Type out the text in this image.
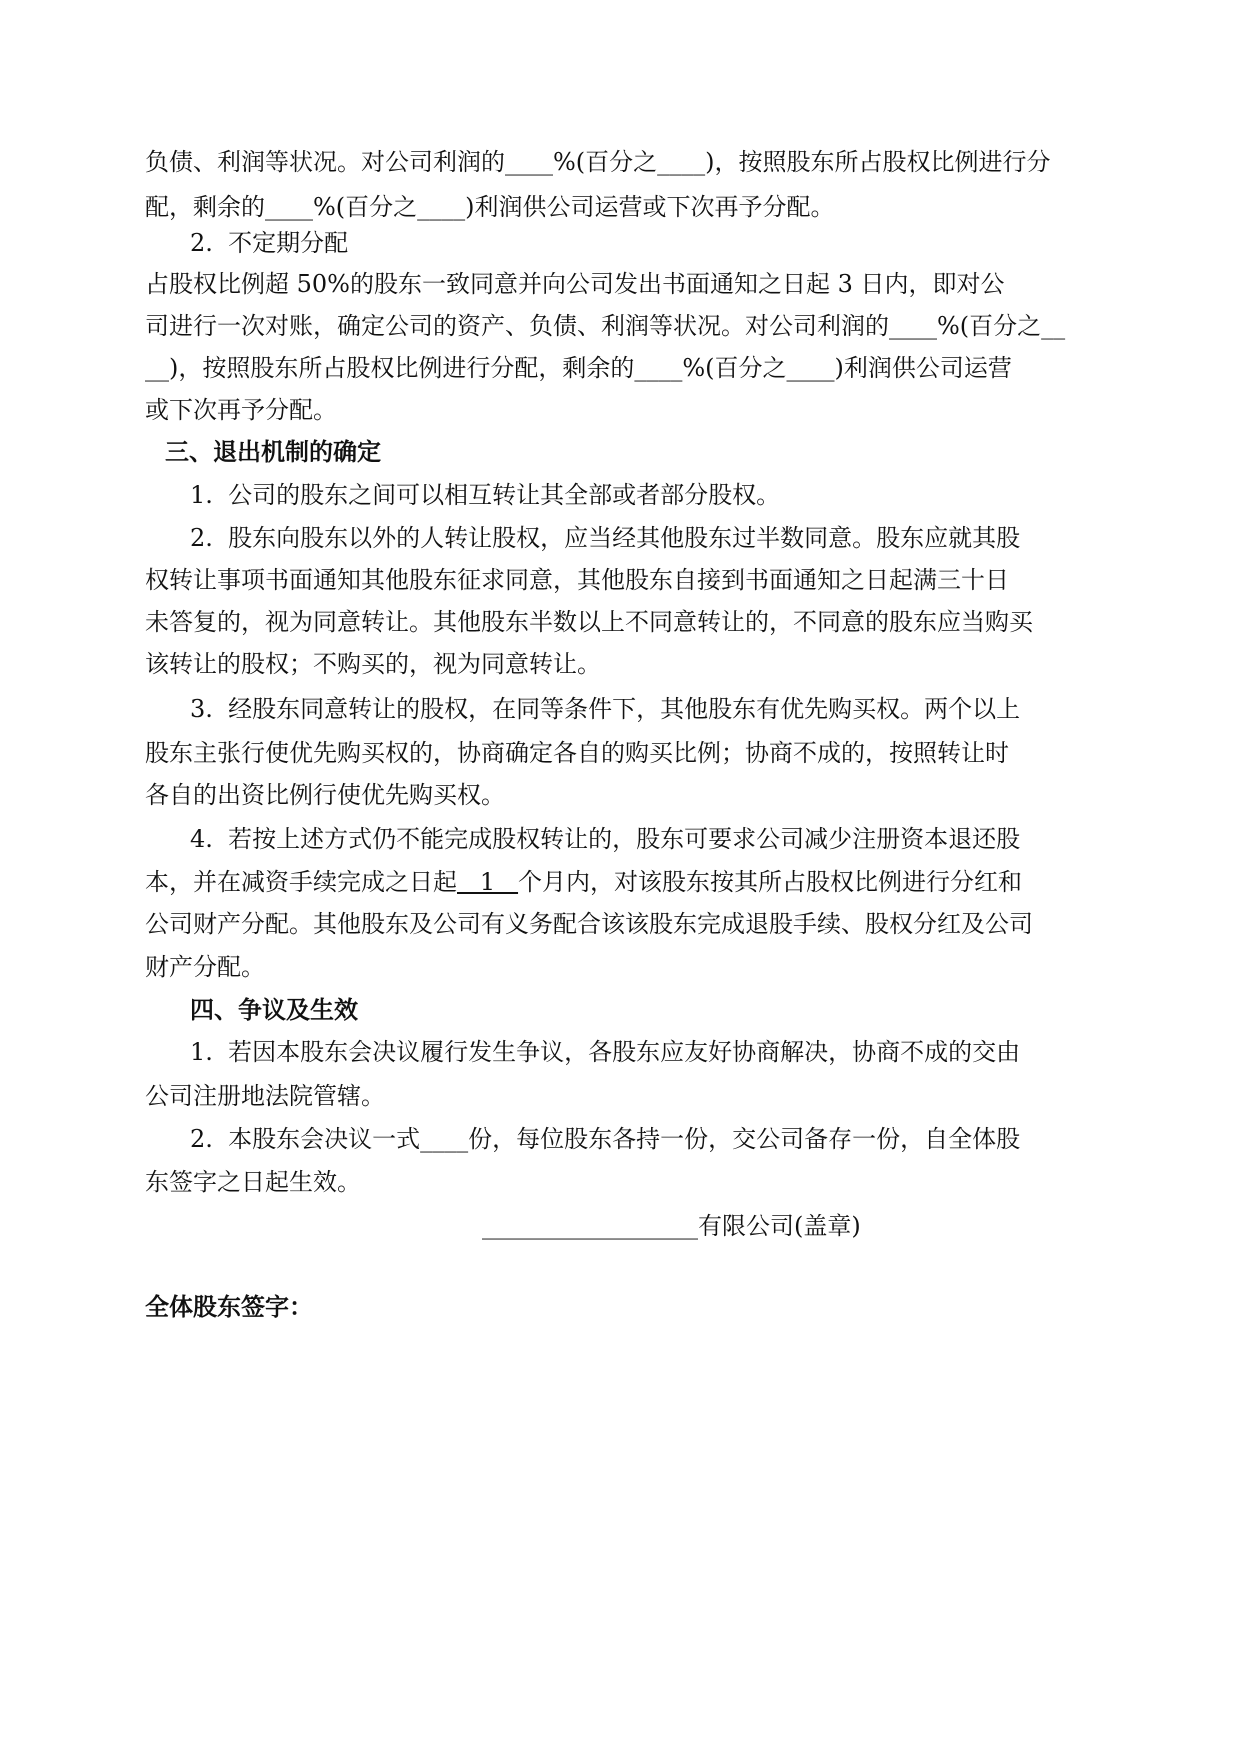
负债、利润等状况。对公司利润的____%(百分之____)，按照股东所占股权比例进行分
配，剩余的____%(百分之____)利润供公司运营或下次再予分配。
2.  不定期分配
占股权比例超 50%的股东一致同意并向公司发出书面通知之日起 3 日内，即对公
司进行一次对账，确定公司的资产、负债、利润等状况。对公司利润的____%(百分之__
__)，按照股东所占股权比例进行分配，剩余的____%(百分之____)利润供公司运营
或下次再予分配。
三、退出机制的确定
1.  公司的股东之间可以相互转让其全部或者部分股权。
2.  股东向股东以外的人转让股权，应当经其他股东过半数同意。股东应就其股
权转让事项书面通知其他股东征求同意，其他股东自接到书面通知之日起满三十日
未答复的，视为同意转让。其他股东半数以上不同意转让的，不同意的股东应当购买
该转让的股权；不购买的，视为同意转让。
3.  经股东同意转让的股权，在同等条件下，其他股东有优先购买权。两个以上
股东主张行使优先购买权的，协商确定各自的购买比例；协商不成的，按照转让时
各自的出资比例行使优先购买权。
4.  若按上述方式仍不能完成股权转让的，股东可要求公司减少注册资本退还股
本，并在减资手续完成之日起   1   个月内，对该股东按其所占股权比例进行分红和
公司财产分配。其他股东及公司有义务配合该该股东完成退股手续、股权分红及公司
财产分配。
四、争议及生效
1.  若因本股东会决议履行发生争议，各股东应友好协商解决，协商不成的交由
公司注册地法院管辖。
2.  本股东会决议一式____份，每位股东各持一份，交公司备存一份，自全体股
东签字之日起生效。
__________________有限公司(盖章)
全体股东签字：
